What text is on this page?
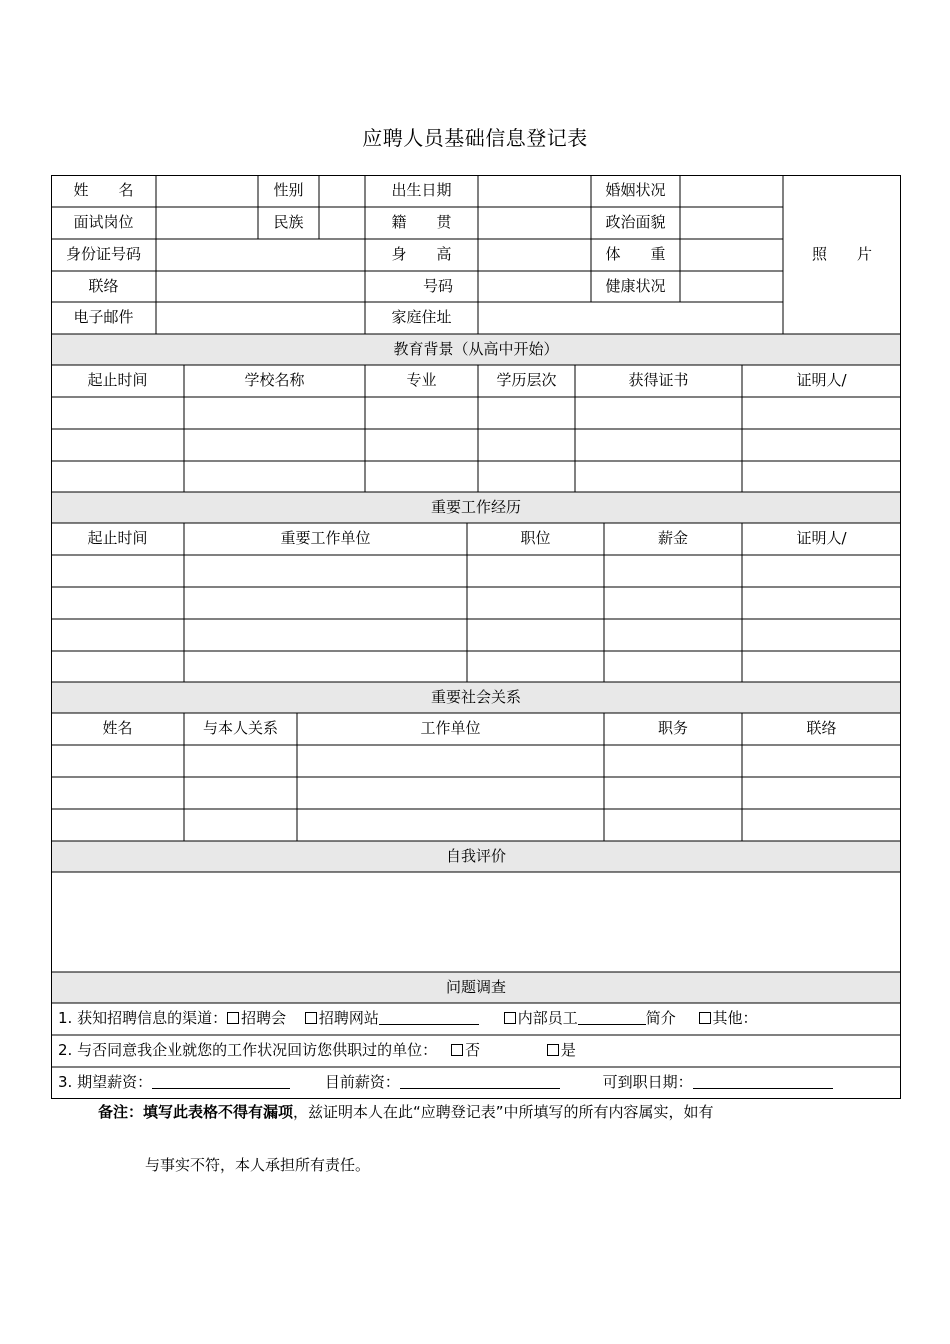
应聘人员基础信息登记表
姓　　名	性别	出生日期	婚姻状况
面试岗位	民族	籍　　贯	政治面貌
身份证号码	身　　高	体　　重
联络	号码	健康状况
电子邮件	家庭住址
照　　片
教育背景（从高中开始）
起止时间	学校名称	专业	学历层次	获得证书	证明人/
重要工作经历
起止时间	重要工作单位	职位	薪金	证明人/
重要社会关系
姓名	与本人关系	工作单位	职务	联络
自我评价
问题调查
1. 获知招聘信息的渠道： 招聘会 招聘网站	内部员工	简介 其他：
2. 与否同意我企业就您的工作状况回访您供职过的单位： 否	是
3. 期望薪资：	目前薪资：	可到职日期：
备注：填写此表格不得有漏项，兹证明本人在此“应聘登记表”中所填写的所有内容属实，如有
与事实不符，本人承担所有责任。
